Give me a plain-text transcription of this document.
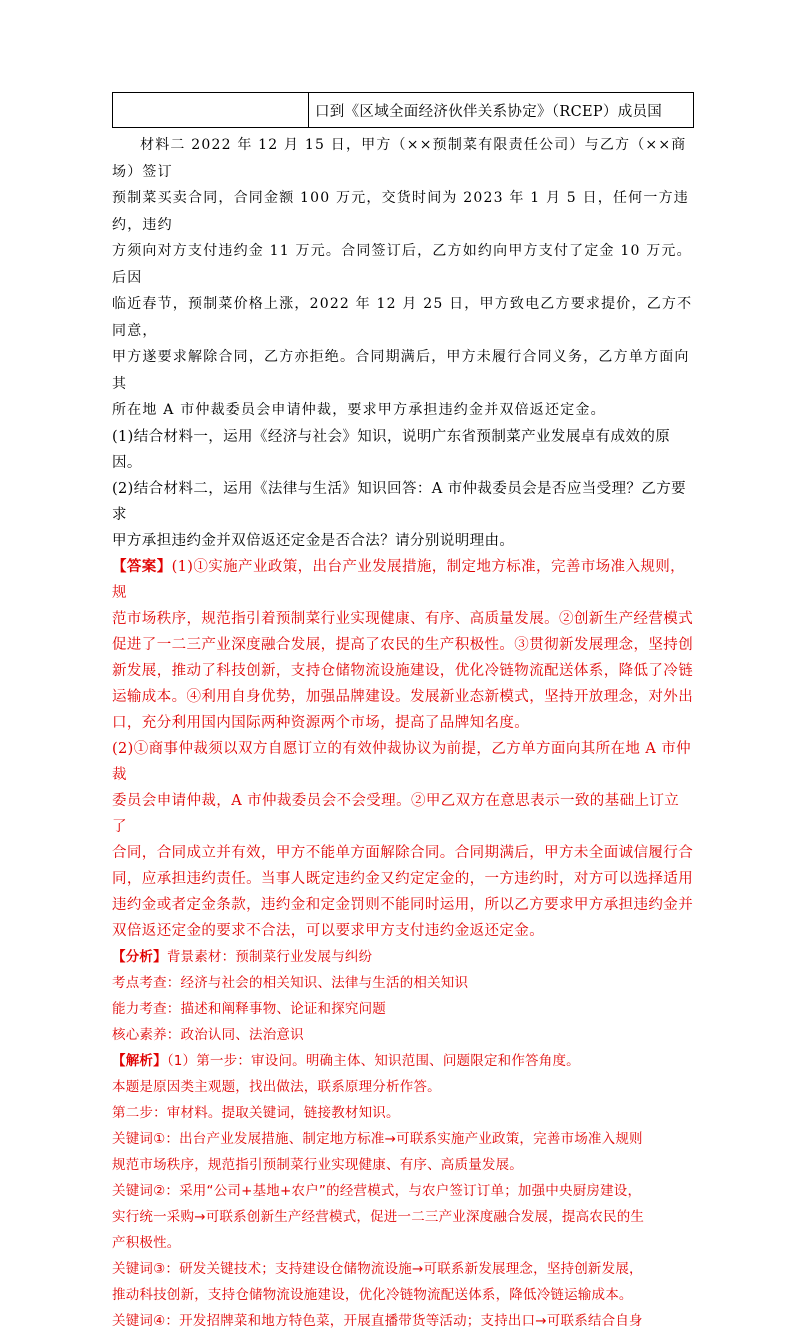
	口到《区域全面经济伙伴关系协定》（RCEP）成员国
材料二 2022 年 12 月 15 日，甲方（××预制菜有限责任公司）与乙方（××商场）签订
预制菜买卖合同，合同金额 100 万元，交货时间为 2023 年 1 月 5 日，任何一方违约，违约
方须向对方支付违约金 11 万元。合同签订后，乙方如约向甲方支付了定金 10 万元。后因
临近春节，预制菜价格上涨，2022 年 12 月 25 日，甲方致电乙方要求提价，乙方不同意，
甲方遂要求解除合同，乙方亦拒绝。合同期满后，甲方未履行合同义务，乙方单方面向其
所在地 A 市仲裁委员会申请仲裁，要求甲方承担违约金并双倍返还定金。

(1)结合材料一，运用《经济与社会》知识，说明广东省预制菜产业发展卓有成效的原因。

(2)结合材料二，运用《法律与生活》知识回答：A 市仲裁委员会是否应当受理？乙方要求

甲方承担违约金并双倍返还定金是否合法？请分别说明理由。

【答案】(1)①实施产业政策，出台产业发展措施，制定地方标准，完善市场准入规则，规

范市场秩序，规范指引着预制菜行业实现健康、有序、高质量发展。②创新生产经营模式

促进了一二三产业深度融合发展，提高了农民的生产积极性。③贯彻新发展理念，坚持创

新发展，推动了科技创新，支持仓储物流设施建设，优化冷链物流配送体系，降低了冷链

运输成本。④利用自身优势，加强品牌建设。发展新业态新模式，坚持开放理念，对外出

口，充分利用国内国际两种资源两个市场，提高了品牌知名度。

(2)①商事仲裁须以双方自愿订立的有效仲裁协议为前提，乙方单方面向其所在地 A 市仲裁

委员会申请仲裁，A 市仲裁委员会不会受理。②甲乙双方在意思表示一致的基础上订立了

合同，合同成立并有效，甲方不能单方面解除合同。合同期满后，甲方未全面诚信履行合

同，应承担违约责任。当事人既定违约金又约定定金的，一方违约时，对方可以选择适用

违约金或者定金条款，违约金和定金罚则不能同时运用，所以乙方要求甲方承担违约金并

双倍返还定金的要求不合法，可以要求甲方支付违约金返还定金。

【分析】背景素材：预制菜行业发展与纠纷

考点考查：经济与社会的相关知识、法律与生活的相关知识

能力考查：描述和阐释事物、论证和探究问题

核心素养：政治认同、法治意识

【解析】（1）第一步：审设问。明确主体、知识范围、问题限定和作答角度。

本题是原因类主观题，找出做法，联系原理分析作答。

第二步：审材料。提取关键词，链接教材知识。

关键词①：出台产业发展措施、制定地方标准→可联系实施产业政策，完善市场准入规则

规范市场秩序，规范指引预制菜行业实现健康、有序、高质量发展。

关键词②：采用“公司+基地+农户”的经营模式，与农户签订订单；加强中央厨房建设，

实行统一采购→可联系创新生产经营模式，促进一二三产业深度融合发展，提高农民的生

产积极性。

关键词③：研发关键技术；支持建设仓储物流设施→可联系新发展理念，坚持创新发展，

推动科技创新，支持仓储物流设施建设，优化冷链物流配送体系，降低冷链运输成本。

关键词④：开发招牌菜和地方特色菜，开展直播带货等活动；支持出口→可联系结合自身
